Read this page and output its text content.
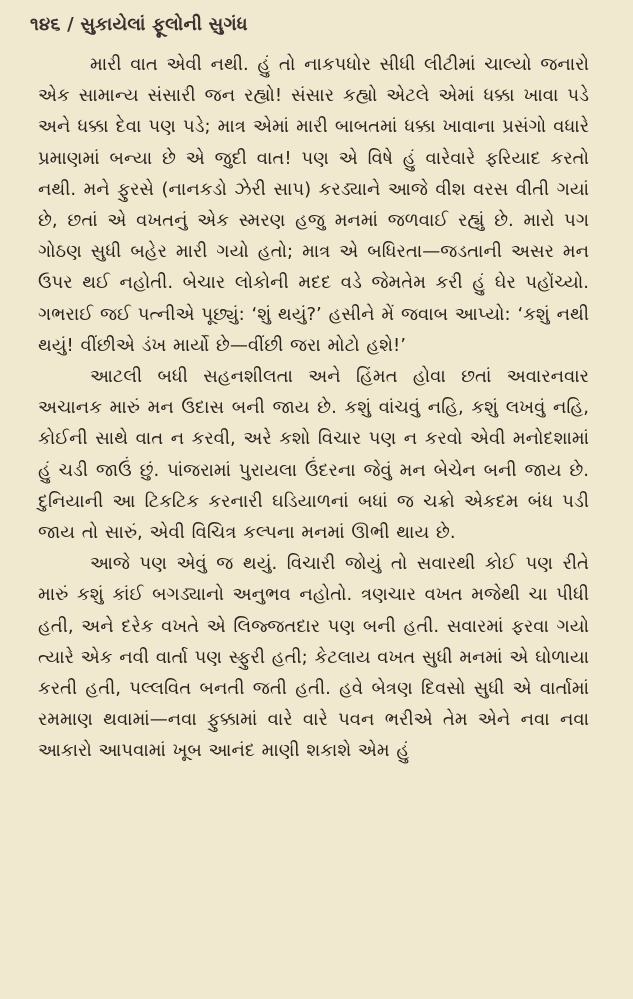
૧૪૬ / સુકાયેલાં ફૂલોની સુગંધ

મારી વાત એવી નથી. હું તો નાકપધોર સીધી લીટીમાં ચાલ્યો જનારો એક સામાન્ય સંસારી જન રહ્યો! સંસાર કહ્યો એટલે એમાં ધક્કા ખાવા પડે અને ધક્કા દેવા પણ પડે; માત્ર એમાં મારી બાબતમાં ધક્કા ખાવાના પ્રસંગો વધારે પ્રમાણમાં બન્યા છે એ જુદી વાત! પણ એ વિષે હું વારેવારે ફરિયાદ કરતો નથી. મને ફુરસે (નાનકડો ઝેરી સાપ) કરડ્યાને આજે વીશ વરસ વીતી ગયાં છે, છતાં એ વખતનું એક સ્મરણ હજુ મનમાં જળવાઈ રહ્યું છે. મારો પગ ગોઠણ સુધી બહેર મારી ગયો હતો; માત્ર એ બધિરતા—જડતાની અસર મન ઉપર થઈ નહોતી. બેચાર લોકોની મદદ વડે જેમતેમ કરી હું ઘેર પહોંચ્યો. ગભરાઈ જઈ પત્નીએ પૂછ્યું: ‘શું થયું?’ હસીને મેં જવાબ આપ્યો: ‘કશું નથી થયું! વીંછીએ ડંખ માર્યો છે—વીંછી જરા મોટો હશે!’

આટલી બધી સહનશીલતા અને હિંમત હોવા છતાં અવારનવાર અચાનક મારું મન ઉદાસ બની જાય છે. કશું વાંચવું નહિ, કશું લખવું નહિ, કોઈની સાથે વાત ન કરવી, અરે કશો વિચાર પણ ન કરવો એવી મનોદશામાં હું ચડી જાઉં છું. પાંજરામાં પુરાયલા ઉંદરના જેવું મન બેચેન બની જાય છે. દુનિયાની આ ટિકટિક કરનારી ઘડિયાળનાં બધાં જ ચક્રો એકદમ બંધ પડી જાય તો સારું, એવી વિચિત્ર કલ્પના મનમાં ઊભી થાય છે.

આજે પણ એવું જ થયું. વિચારી જોયું તો સવારથી કોઈ પણ રીતે મારું કશું કાંઈ બગડ્યાનો અનુભવ નહોતો. ત્રણચાર વખત મજેથી ચા પીધી હતી, અને દરેક વખતે એ લિજ્જતદાર પણ બની હતી. સવારમાં ફરવા ગયો ત્યારે એક નવી વાર્તા પણ સ્ફુરી હતી; કેટલાય વખત સુધી મનમાં એ ઘોળાયા કરતી હતી, પલ્લવિત બનતી જતી હતી. હવે બેત્રણ દિવસો સુધી એ વાર્તામાં રમમાણ થવામાં—નવા ફુક્કામાં વારે વારે પવન ભરીએ તેમ એને નવા નવા આકારો આપવામાં ખૂબ આનંદ માણી શકાશે એમ હું
